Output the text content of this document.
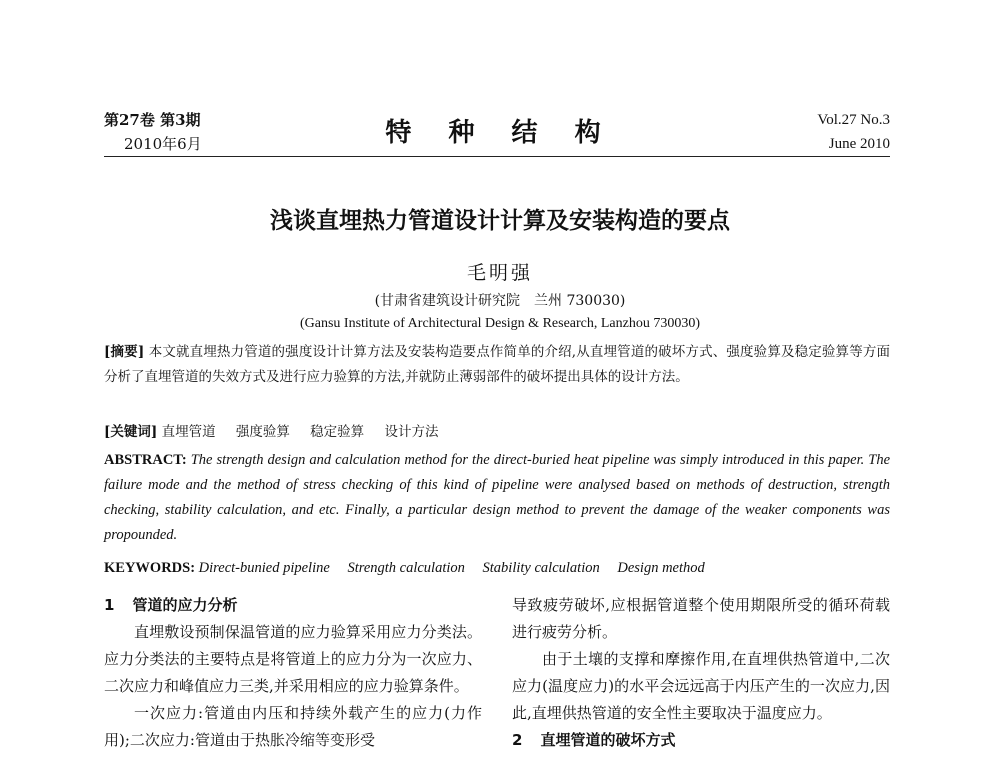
第27卷 第3期
2010年6月	特 种 结 构	Vol.27 No.3
June 2010
浅谈直埋热力管道设计计算及安装构造的要点
毛明强
(甘肃省建筑设计研究院　兰州 730030)
(Gansu Institute of Architectural Design & Research, Lanzhou 730030)
[摘要] 本文就直埋热力管道的强度设计计算方法及安装构造要点作简单的介绍,从直埋管道的破坏方式、强度验算及稳定验算等方面分析了直埋管道的失效方式及进行应力验算的方法,并就防止薄弱部件的破坏提出具体的设计方法。
[关键词] 直埋管道 强度验算 稳定验算 设计方法
ABSTRACT: The strength design and calculation method for the direct-buried heat pipeline was simply introduced in this paper. The failure mode and the method of stress checking of this kind of pipeline were analysed based on methods of destruction, strength checking, stability calculation, and etc. Finally, a particular design method to prevent the damage of the weaker components was propounded.
KEYWORDS: Direct-bunied pipeline Strength calculation Stability calculation Design method
1 管道的应力分析

直埋敷设预制保温管道的应力验算采用应力分类法。应力分类法的主要特点是将管道上的应力分为一次应力、二次应力和峰值应力三类,并采用相应的应力验算条件。

一次应力:管道由内压和持续外载产生的应力(力作用);二次应力:管道由于热胀冷缩等变形受

导致疲劳破坏,应根据管道整个使用期限所受的循环荷载进行疲劳分析。

由于土壤的支撑和摩擦作用,在直埋供热管道中,二次应力(温度应力)的水平会远远高于内压产生的一次应力,因此,直埋供热管道的安全性主要取决于温度应力。

2 直埋管道的破坏方式
